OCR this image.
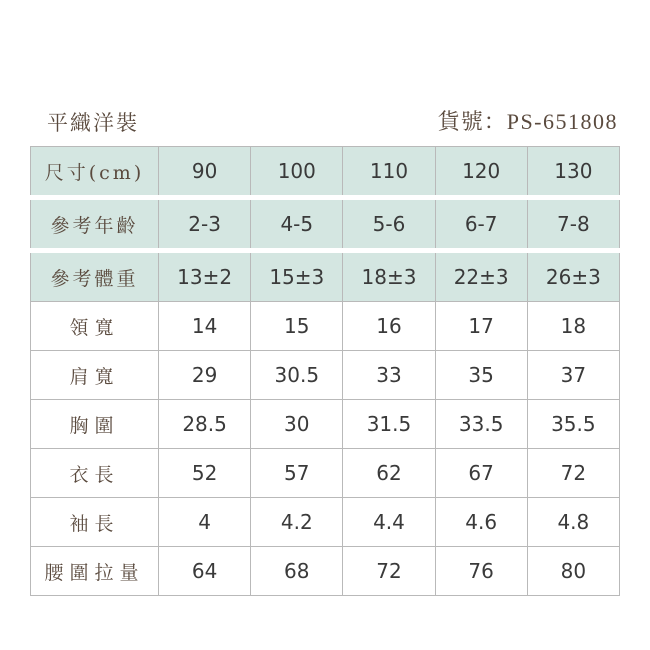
平織洋裝	貨號：PS-651808
尺寸(cm)	90	100	110	120	130
參考年齡	2-3	4-5	5-6	6-7	7-8
參考體重	13±2	15±3	18±3	22±3	26±3
領寬	14	15	16	17	18
肩寬	29	30.5	33	35	37
胸圍	28.5	30	31.5	33.5	35.5
衣長	52	57	62	67	72
袖長	4	4.2	4.4	4.6	4.8
腰圍拉量	64	68	72	76	80
